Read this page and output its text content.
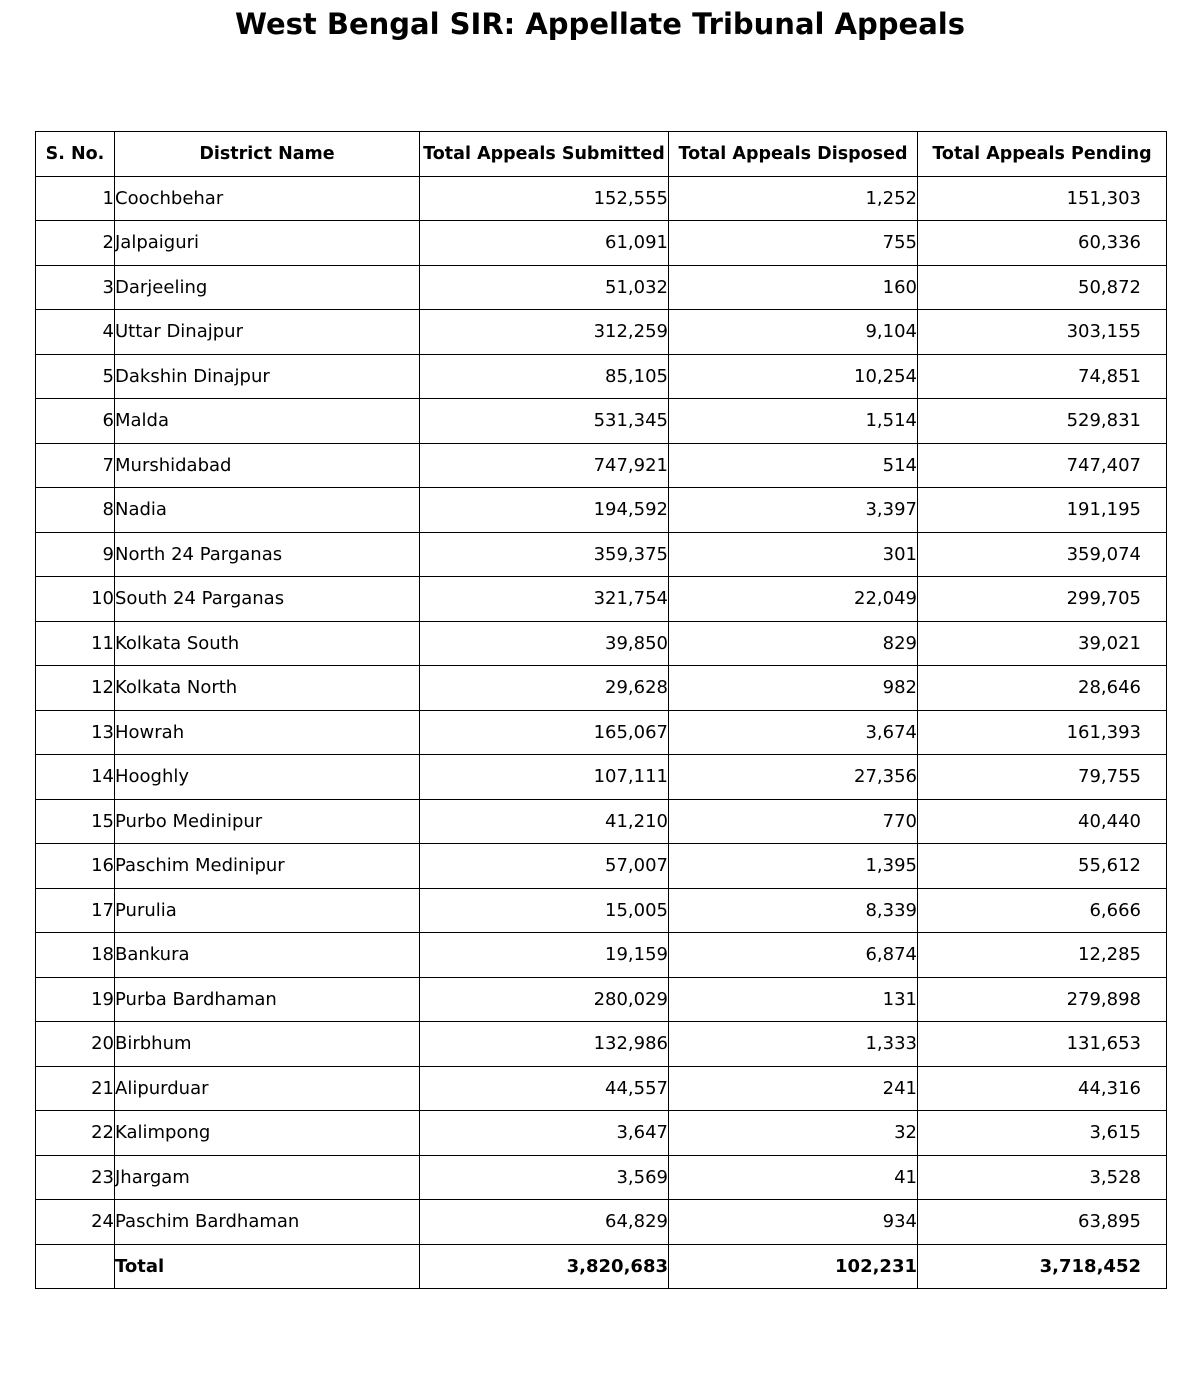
West Bengal SIR: Appellate Tribunal Appeals
S. No.	District Name	Total Appeals Submitted	Total Appeals Disposed	Total Appeals Pending
1	Coochbehar	152,555	1,252	151,303
2	Jalpaiguri	61,091	755	60,336
3	Darjeeling	51,032	160	50,872
4	Uttar Dinajpur	312,259	9,104	303,155
5	Dakshin Dinajpur	85,105	10,254	74,851
6	Malda	531,345	1,514	529,831
7	Murshidabad	747,921	514	747,407
8	Nadia	194,592	3,397	191,195
9	North 24 Parganas	359,375	301	359,074
10	South 24 Parganas	321,754	22,049	299,705
11	Kolkata South	39,850	829	39,021
12	Kolkata North	29,628	982	28,646
13	Howrah	165,067	3,674	161,393
14	Hooghly	107,111	27,356	79,755
15	Purbo Medinipur	41,210	770	40,440
16	Paschim Medinipur	57,007	1,395	55,612
17	Purulia	15,005	8,339	6,666
18	Bankura	19,159	6,874	12,285
19	Purba Bardhaman	280,029	131	279,898
20	Birbhum	132,986	1,333	131,653
21	Alipurduar	44,557	241	44,316
22	Kalimpong	3,647	32	3,615
23	Jhargam	3,569	41	3,528
24	Paschim Bardhaman	64,829	934	63,895
	Total	3,820,683	102,231	3,718,452
